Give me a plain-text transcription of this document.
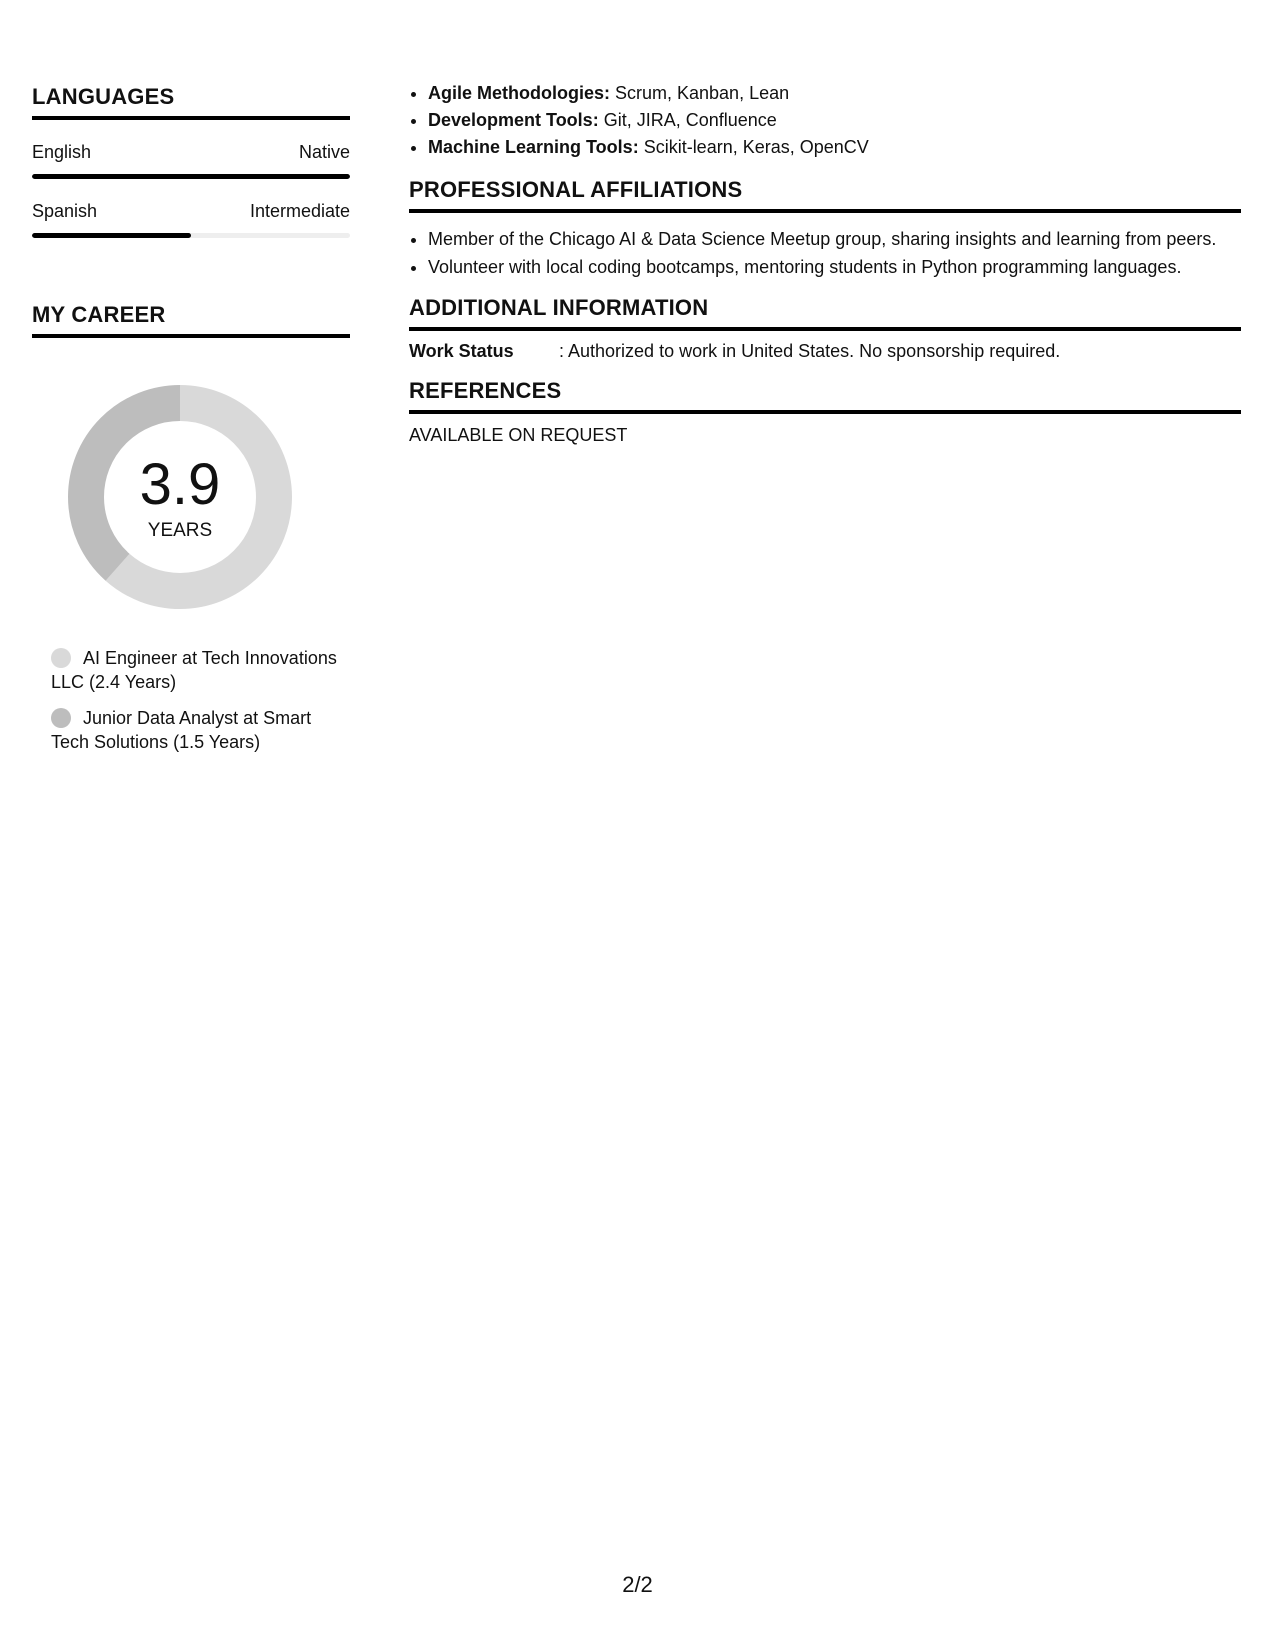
LANGUAGES
English	Native
Spanish	Intermediate
MY CAREER
3.9
YEARS
AI Engineer at Tech Innovations LLC (2.4 Years)
Junior Data Analyst at Smart Tech Solutions (1.5 Years)
• Agile Methodologies: Scrum, Kanban, Lean
• Development Tools: Git, JIRA, Confluence
• Machine Learning Tools: Scikit-learn, Keras, OpenCV
PROFESSIONAL AFFILIATIONS
• Member of the Chicago AI & Data Science Meetup group, sharing insights and learning from peers.
• Volunteer with local coding bootcamps, mentoring students in Python programming languages.
ADDITIONAL INFORMATION
Work Status	: Authorized to work in United States. No sponsorship required.
REFERENCES
AVAILABLE ON REQUEST
2/2
